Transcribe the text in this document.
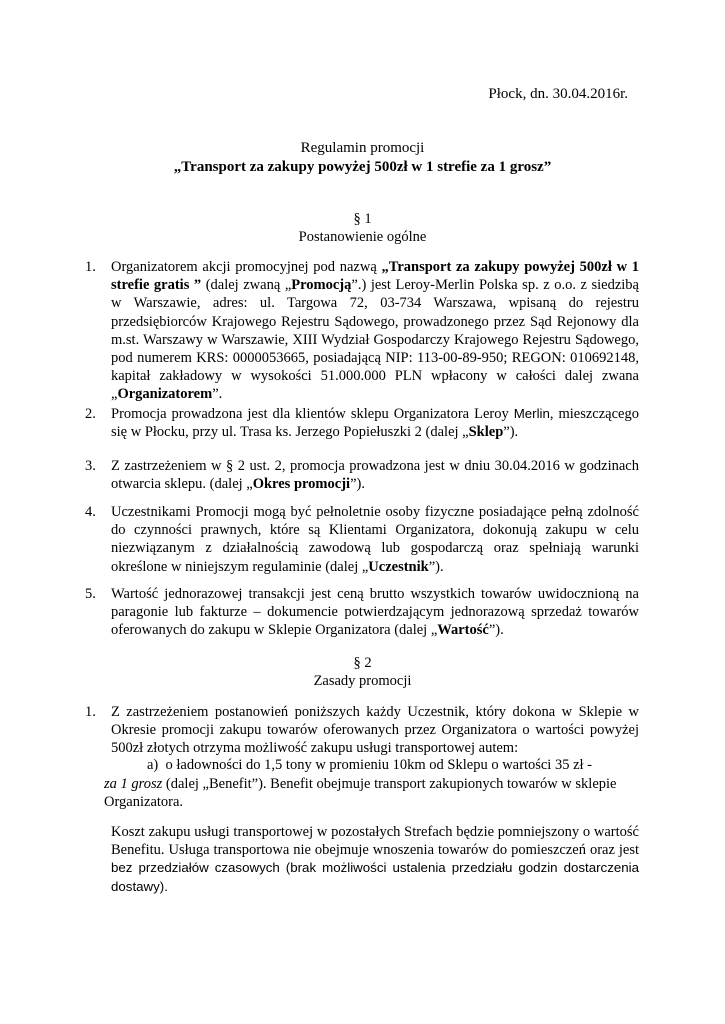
Płock, dn. 30.04.2016r.
Regulamin promocji
„Transport za zakupy powyżej 500zł w 1 strefie za 1 grosz”
§ 1
Postanowienie ogólne
1. Organizatorem akcji promocyjnej pod nazwą „Transport za zakupy powyżej 500zł w 1 strefie gratis ” (dalej zwaną „Promocją”.) jest Leroy-Merlin Polska sp. z o.o. z siedzibą w Warszawie, adres: ul. Targowa 72, 03-734 Warszawa, wpisaną do rejestru przedsiębiorców Krajowego Rejestru Sądowego, prowadzonego przez Sąd Rejonowy dla m.st. Warszawy w Warszawie, XIII Wydział Gospodarczy Krajowego Rejestru Sądowego, pod numerem KRS: 0000053665, posiadającą NIP: 113-00-89-950; REGON: 010692148, kapitał zakładowy w wysokości 51.000.000 PLN wpłacony w całości dalej zwana „Organizatorem”.
2. Promocja prowadzona jest dla klientów sklepu Organizatora Leroy Merlin, mieszczącego się w Płocku, przy ul. Trasa ks. Jerzego Popiełuszki 2 (dalej „Sklep”).
3. Z zastrzeżeniem w § 2 ust. 2, promocja prowadzona jest w dniu 30.04.2016 w godzinach otwarcia sklepu. (dalej „Okres promocji”).
4. Uczestnikami Promocji mogą być pełnoletnie osoby fizyczne posiadające pełną zdolność do czynności prawnych, które są Klientami Organizatora, dokonują zakupu w celu niezwiązanym z działalnością zawodową lub gospodarczą oraz spełniają warunki określone w niniejszym regulaminie (dalej „Uczestnik”).
5. Wartość jednorazowej transakcji jest ceną brutto wszystkich towarów uwidocznioną na paragonie lub fakturze – dokumencie potwierdzającym jednorazową sprzedaż towarów oferowanych do zakupu w Sklepie Organizatora (dalej „Wartość”).
§ 2
Zasady promocji
1. Z zastrzeżeniem postanowień poniższych każdy Uczestnik, który dokona w Sklepie w Okresie promocji zakupu towarów oferowanych przez Organizatora o wartości powyżej 500zł złotych otrzyma możliwość zakupu usługi transportowej autem:
a) o ładowności do 1,5 tony w promieniu 10km od Sklepu o wartości 35 zł -
za 1 grosz (dalej „Benefit”). Benefit obejmuje transport zakupionych towarów w sklepie Organizatora.
Koszt zakupu usługi transportowej w pozostałych Strefach będzie pomniejszony o wartość Benefitu. Usługa transportowa nie obejmuje wnoszenia towarów do pomieszczeń oraz jest bez przedziałów czasowych (brak możliwości ustalenia przedziału godzin dostarczenia dostawy).
